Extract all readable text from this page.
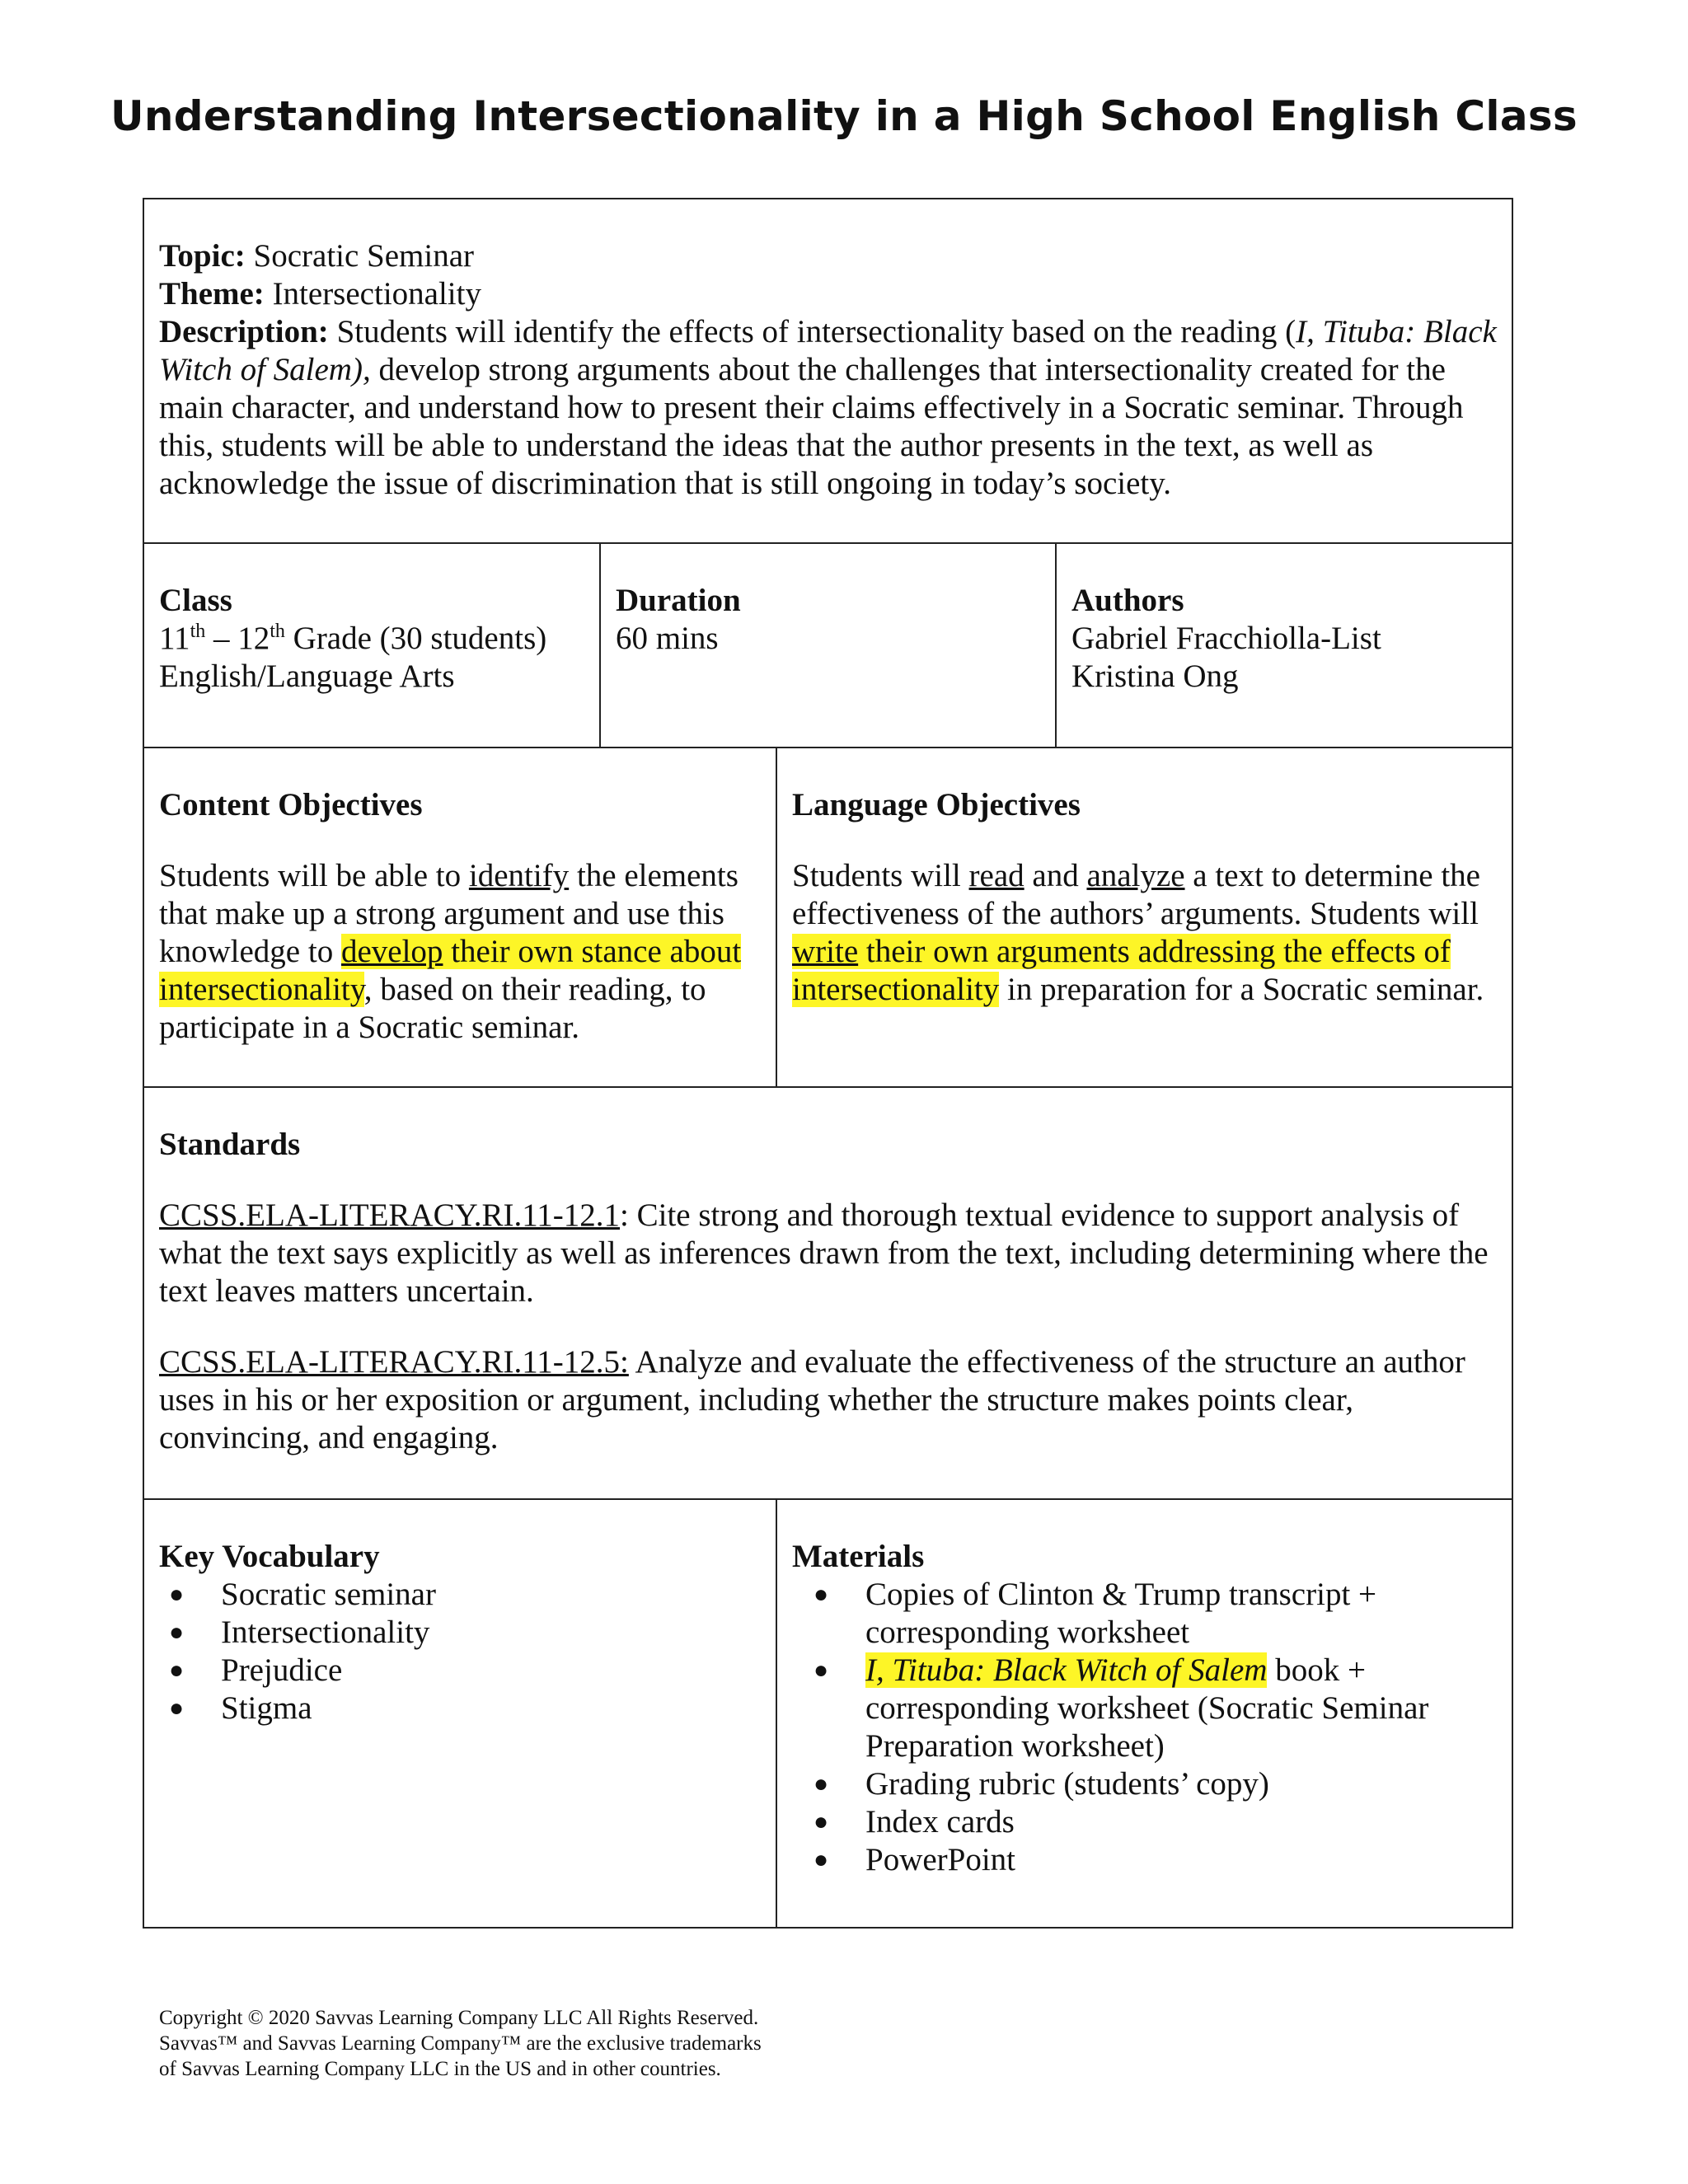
Understanding Intersectionality in a High School English Class
Topic: Socratic Seminar
Theme: Intersectionality
Description: Students will identify the effects of intersectionality based on the reading (I, Tituba: Black Witch of Salem), develop strong arguments about the challenges that intersectionality created for the main character, and understand how to present their claims effectively in a Socratic seminar. Through this, students will be able to understand the ideas that the author presents in the text, as well as acknowledge the issue of discrimination that is still ongoing in today’s society.
Class
11th – 12th Grade (30 students)
English/Language Arts
Duration
60 mins
Authors
Gabriel Fracchiolla-List
Kristina Ong
Content Objectives
Students will be able to identify the elements that make up a strong argument and use this knowledge to develop their own stance about intersectionality, based on their reading, to participate in a Socratic seminar.
Language Objectives
Students will read and analyze a text to determine the effectiveness of the authors’ arguments. Students will write their own arguments addressing the effects of intersectionality in preparation for a Socratic seminar.
Standards
CCSS.ELA-LITERACY.RI.11-12.1: Cite strong and thorough textual evidence to support analysis of what the text says explicitly as well as inferences drawn from the text, including determining where the text leaves matters uncertain.
CCSS.ELA-LITERACY.RI.11-12.5: Analyze and evaluate the effectiveness of the structure an author uses in his or her exposition or argument, including whether the structure makes points clear, convincing, and engaging.
Key Vocabulary
● Socratic seminar
● Intersectionality
● Prejudice
● Stigma
Materials
● Copies of Clinton & Trump transcript + corresponding worksheet
● I, Tituba: Black Witch of Salem book + corresponding worksheet (Socratic Seminar Preparation worksheet)
● Grading rubric (students’ copy)
● Index cards
● PowerPoint
Copyright © 2020 Savvas Learning Company LLC All Rights Reserved.
Savvas™ and Savvas Learning Company™ are the exclusive trademarks
of Savvas Learning Company LLC in the US and in other countries.
